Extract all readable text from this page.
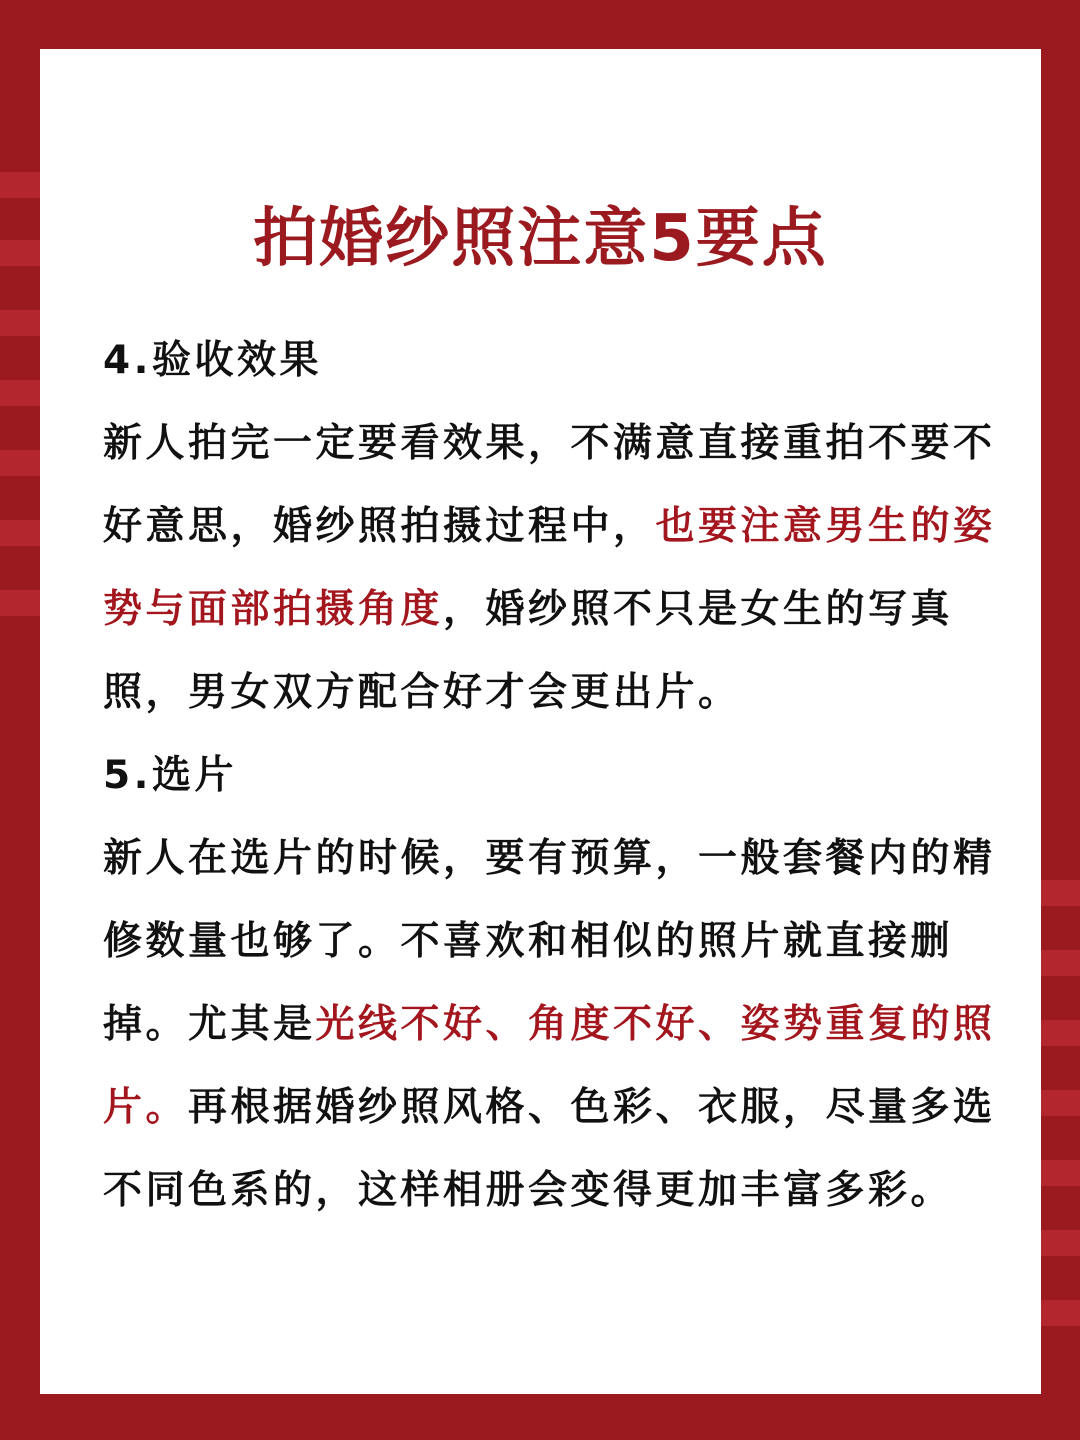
拍婚纱照注意5要点

4.验收效果

新人拍完一定要看效果，不满意直接重拍不要不好意思，婚纱照拍摄过程中，也要注意男生的姿势与面部拍摄角度，婚纱照不只是女生的写真照，男女双方配合好才会更出片。

5.选片

新人在选片的时候，要有预算，一般套餐内的精修数量也够了。不喜欢和相似的照片就直接删掉。尤其是光线不好、角度不好、姿势重复的照片。再根据婚纱照风格、色彩、衣服，尽量多选不同色系的，这样相册会变得更加丰富多彩。
